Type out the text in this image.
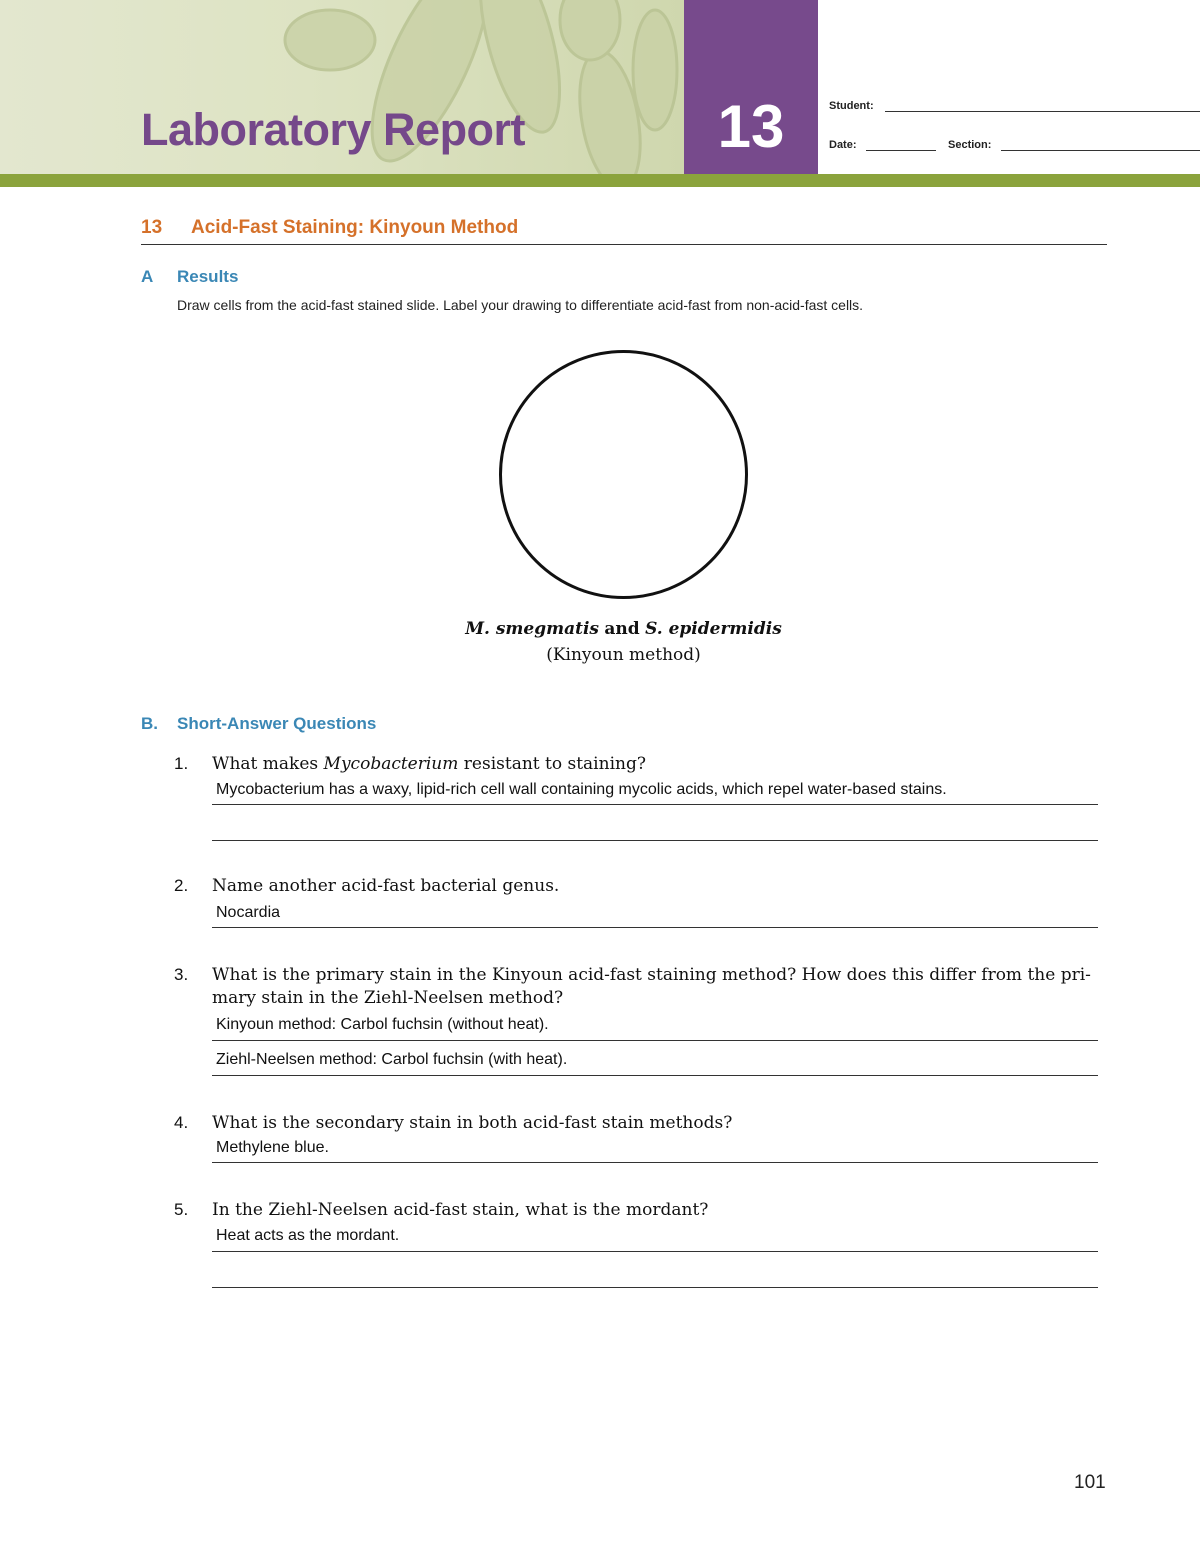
Laboratory Report	13	Student:
Date:	Section:
13 Acid-Fast Staining: Kinyoun Method
A Results
Draw cells from the acid-fast stained slide. Label your drawing to differentiate acid-fast from non-acid-fast cells.
M. smegmatis and S. epidermidis
(Kinyoun method)
B. Short-Answer Questions
1. What makes Mycobacterium resistant to staining?
Mycobacterium has a waxy, lipid-rich cell wall containing mycolic acids, which repel water-based stains.
2. Name another acid-fast bacterial genus.
Nocardia
3. What is the primary stain in the Kinyoun acid-fast staining method? How does this differ from the pri-
mary stain in the Ziehl-Neelsen method?
Kinyoun method: Carbol fuchsin (without heat).
Ziehl-Neelsen method: Carbol fuchsin (with heat).
4. What is the secondary stain in both acid-fast stain methods?
Methylene blue.
5. In the Ziehl-Neelsen acid-fast stain, what is the mordant?
Heat acts as the mordant.
101
